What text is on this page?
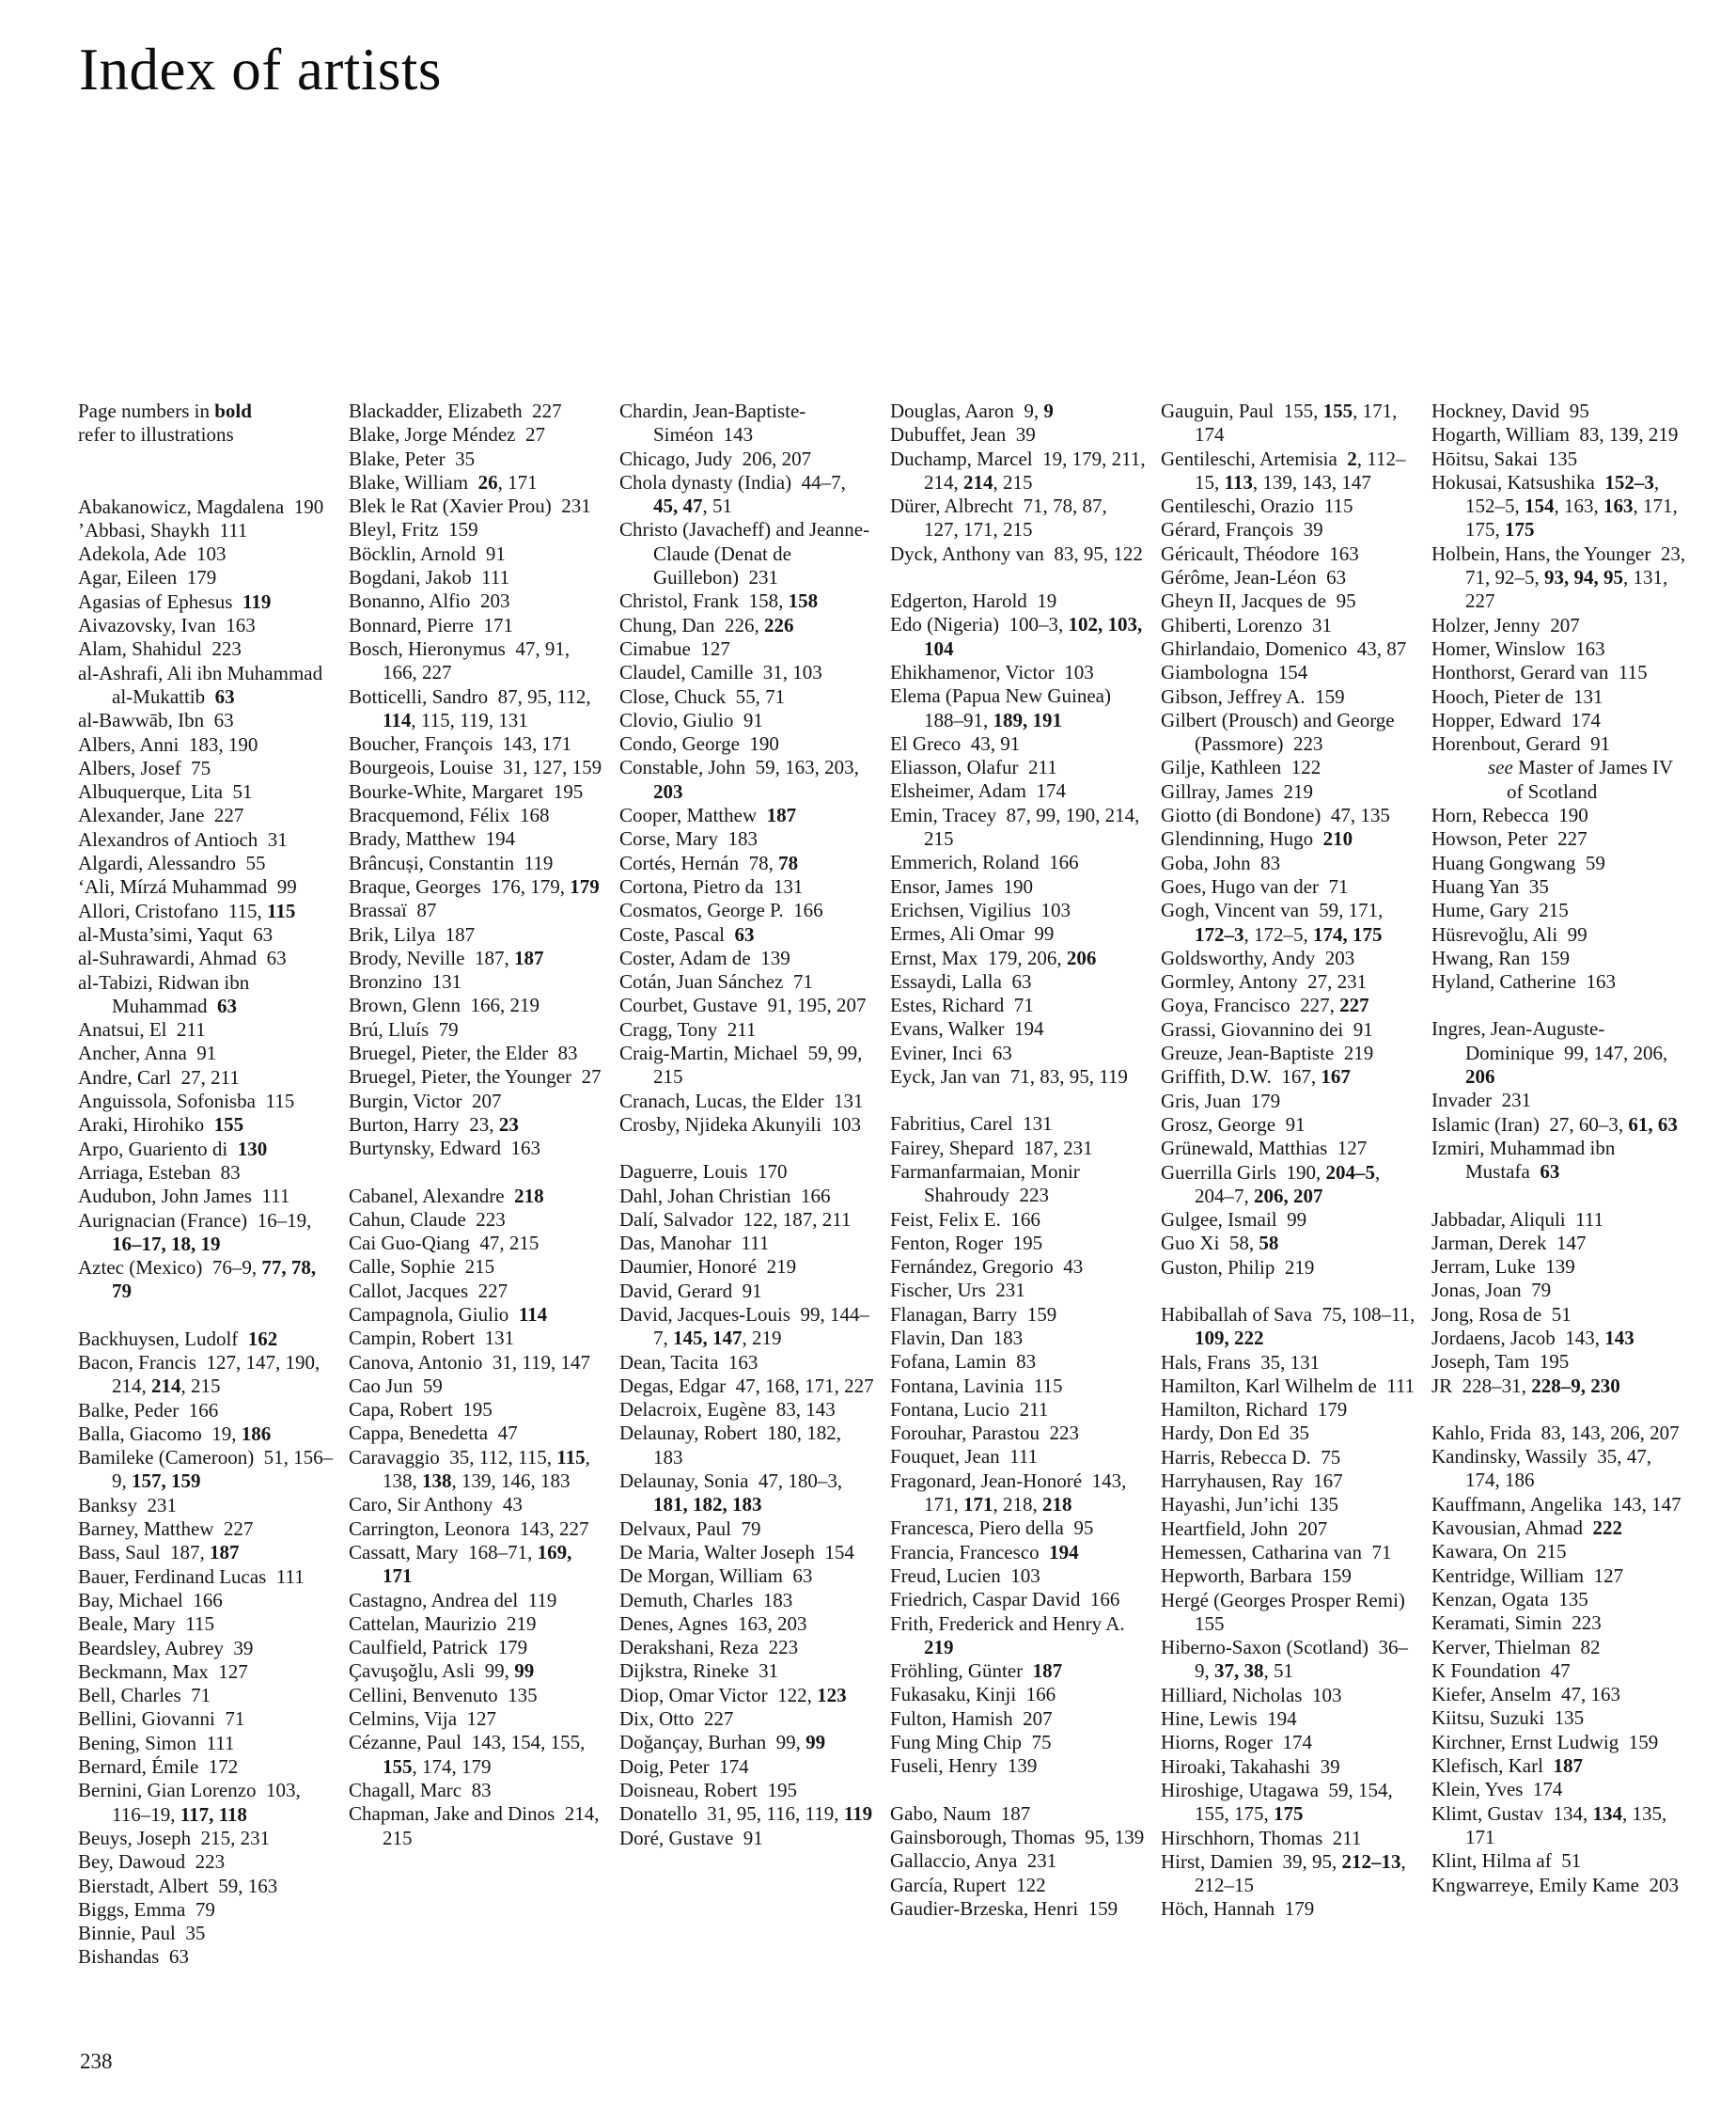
Index of artists
Page numbers in bold
refer to illustrations
Abakanowicz, Magdalena 190
’Abbasi, Shaykh 111
Adekola, Ade 103
Agar, Eileen 179
Agasias of Ephesus 119
Aivazovsky, Ivan 163
Alam, Shahidul 223
al-Ashrafi, Ali ibn Muhammad al-Mukattib 63
al-Bawwāb, Ibn 63
Albers, Anni 183, 190
Albers, Josef 75
Albuquerque, Lita 51
Alexander, Jane 227
Alexandros of Antioch 31
Algardi, Alessandro 55
‘Ali, Mírzá Muhammad 99
Allori, Cristofano 115, 115
al-Musta’simi, Yaqut 63
al-Suhrawardi, Ahmad 63
al-Tabizi, Ridwan ibn Muhammad 63
Anatsui, El 211
Ancher, Anna 91
Andre, Carl 27, 211
Anguissola, Sofonisba 115
Araki, Hirohiko 155
Arpo, Guariento di 130
Arriaga, Esteban 83
Audubon, John James 111
Aurignacian (France) 16–19, 16–17, 18, 19
Aztec (Mexico) 76–9, 77, 78, 79
Backhuysen, Ludolf 162
Bacon, Francis 127, 147, 190, 214, 214, 215
Balke, Peder 166
Balla, Giacomo 19, 186
Bamileke (Cameroon) 51, 156–9, 157, 159
Banksy 231
Barney, Matthew 227
Bass, Saul 187, 187
Bauer, Ferdinand Lucas 111
Bay, Michael 166
Beale, Mary 115
Beardsley, Aubrey 39
Beckmann, Max 127
Bell, Charles 71
Bellini, Giovanni 71
Bening, Simon 111
Bernard, Émile 172
Bernini, Gian Lorenzo 103, 116–19, 117, 118
Beuys, Joseph 215, 231
Bey, Dawoud 223
Bierstadt, Albert 59, 163
Biggs, Emma 79
Binnie, Paul 35
Bishandas 63
Blackadder, Elizabeth 227
Blake, Jorge Méndez 27
Blake, Peter 35
Blake, William 26, 171
Blek le Rat (Xavier Prou) 231
Bleyl, Fritz 159
Böcklin, Arnold 91
Bogdani, Jakob 111
Bonanno, Alfio 203
Bonnard, Pierre 171
Bosch, Hieronymus 47, 91, 166, 227
Botticelli, Sandro 87, 95, 112, 114, 115, 119, 131
Boucher, François 143, 171
Bourgeois, Louise 31, 127, 159
Bourke-White, Margaret 195
Bracquemond, Félix 168
Brady, Matthew 194
Brâncuși, Constantin 119
Braque, Georges 176, 179, 179
Brassaï 87
Brik, Lilya 187
Brody, Neville 187, 187
Bronzino 131
Brown, Glenn 166, 219
Brú, Lluís 79
Bruegel, Pieter, the Elder 83
Bruegel, Pieter, the Younger 27
Burgin, Victor 207
Burton, Harry 23, 23
Burtynsky, Edward 163
Cabanel, Alexandre 218
Cahun, Claude 223
Cai Guo-Qiang 47, 215
Calle, Sophie 215
Callot, Jacques 227
Campagnola, Giulio 114
Campin, Robert 131
Canova, Antonio 31, 119, 147
Cao Jun 59
Capa, Robert 195
Cappa, Benedetta 47
Caravaggio 35, 112, 115, 115, 138, 138, 139, 146, 183
Caro, Sir Anthony 43
Carrington, Leonora 143, 227
Cassatt, Mary 168–71, 169, 171
Castagno, Andrea del 119
Cattelan, Maurizio 219
Caulfield, Patrick 179
Çavuşoğlu, Asli 99, 99
Cellini, Benvenuto 135
Celmins, Vija 127
Cézanne, Paul 143, 154, 155, 155, 174, 179
Chagall, Marc 83
Chapman, Jake and Dinos 214, 215
Chardin, Jean-Baptiste-Siméon 143
Chicago, Judy 206, 207
Chola dynasty (India) 44–7, 45, 47, 51
Christo (Javacheff) and Jeanne-Claude (Denat de Guillebon) 231
Christol, Frank 158, 158
Chung, Dan 226, 226
Cimabue 127
Claudel, Camille 31, 103
Close, Chuck 55, 71
Clovio, Giulio 91
Condo, George 190
Constable, John 59, 163, 203, 203
Cooper, Matthew 187
Corse, Mary 183
Cortés, Hernán 78, 78
Cortona, Pietro da 131
Cosmatos, George P. 166
Coste, Pascal 63
Coster, Adam de 139
Cotán, Juan Sánchez 71
Courbet, Gustave 91, 195, 207
Cragg, Tony 211
Craig-Martin, Michael 59, 99, 215
Cranach, Lucas, the Elder 131
Crosby, Njideka Akunyili 103
Daguerre, Louis 170
Dahl, Johan Christian 166
Dalí, Salvador 122, 187, 211
Das, Manohar 111
Daumier, Honoré 219
David, Gerard 91
David, Jacques-Louis 99, 144–7, 145, 147, 219
Dean, Tacita 163
Degas, Edgar 47, 168, 171, 227
Delacroix, Eugène 83, 143
Delaunay, Robert 180, 182, 183
Delaunay, Sonia 47, 180–3, 181, 182, 183
Delvaux, Paul 79
De Maria, Walter Joseph 154
De Morgan, William 63
Demuth, Charles 183
Denes, Agnes 163, 203
Derakshani, Reza 223
Dijkstra, Rineke 31
Diop, Omar Victor 122, 123
Dix, Otto 227
Doğançay, Burhan 99, 99
Doig, Peter 174
Doisneau, Robert 195
Donatello 31, 95, 116, 119, 119
Doré, Gustave 91
Douglas, Aaron 9, 9
Dubuffet, Jean 39
Duchamp, Marcel 19, 179, 211, 214, 214, 215
Dürer, Albrecht 71, 78, 87, 127, 171, 215
Dyck, Anthony van 83, 95, 122
Edgerton, Harold 19
Edo (Nigeria) 100–3, 102, 103, 104
Ehikhamenor, Victor 103
Elema (Papua New Guinea) 188–91, 189, 191
El Greco 43, 91
Eliasson, Olafur 211
Elsheimer, Adam 174
Emin, Tracey 87, 99, 190, 214, 215
Emmerich, Roland 166
Ensor, James 190
Erichsen, Vigilius 103
Ermes, Ali Omar 99
Ernst, Max 179, 206, 206
Essaydi, Lalla 63
Estes, Richard 71
Evans, Walker 194
Eviner, Inci 63
Eyck, Jan van 71, 83, 95, 119
Fabritius, Carel 131
Fairey, Shepard 187, 231
Farmanfarmaian, Monir Shahroudy 223
Feist, Felix E. 166
Fenton, Roger 195
Fernández, Gregorio 43
Fischer, Urs 231
Flanagan, Barry 159
Flavin, Dan 183
Fofana, Lamin 83
Fontana, Lavinia 115
Fontana, Lucio 211
Forouhar, Parastou 223
Fouquet, Jean 111
Fragonard, Jean-Honoré 143, 171, 171, 218, 218
Francesca, Piero della 95
Francia, Francesco 194
Freud, Lucien 103
Friedrich, Caspar David 166
Frith, Frederick and Henry A. 219
Fröhling, Günter 187
Fukasaku, Kinji 166
Fulton, Hamish 207
Fung Ming Chip 75
Fuseli, Henry 139
Gabo, Naum 187
Gainsborough, Thomas 95, 139
Gallaccio, Anya 231
García, Rupert 122
Gaudier-Brzeska, Henri 159
Gauguin, Paul 155, 155, 171, 174
Gentileschi, Artemisia 2, 112–15, 113, 139, 143, 147
Gentileschi, Orazio 115
Gérard, François 39
Géricault, Théodore 163
Gérôme, Jean-Léon 63
Gheyn II, Jacques de 95
Ghiberti, Lorenzo 31
Ghirlandaio, Domenico 43, 87
Giambologna 154
Gibson, Jeffrey A. 159
Gilbert (Prousch) and George (Passmore) 223
Gilje, Kathleen 122
Gillray, James 219
Giotto (di Bondone) 47, 135
Glendinning, Hugo 210
Goba, John 83
Goes, Hugo van der 71
Gogh, Vincent van 59, 171, 172–3, 172–5, 174, 175
Goldsworthy, Andy 203
Gormley, Antony 27, 231
Goya, Francisco 227, 227
Grassi, Giovannino dei 91
Greuze, Jean-Baptiste 219
Griffith, D.W. 167, 167
Gris, Juan 179
Grosz, George 91
Grünewald, Matthias 127
Guerrilla Girls 190, 204–5, 204–7, 206, 207
Gulgee, Ismail 99
Guo Xi 58, 58
Guston, Philip 219
Habiballah of Sava 75, 108–11, 109, 222
Hals, Frans 35, 131
Hamilton, Karl Wilhelm de 111
Hamilton, Richard 179
Hardy, Don Ed 35
Harris, Rebecca D. 75
Harryhausen, Ray 167
Hayashi, Jun’ichi 135
Heartfield, John 207
Hemessen, Catharina van 71
Hepworth, Barbara 159
Hergé (Georges Prosper Remi) 155
Hiberno-Saxon (Scotland) 36–9, 37, 38, 51
Hilliard, Nicholas 103
Hine, Lewis 194
Hiorns, Roger 174
Hiroaki, Takahashi 39
Hiroshige, Utagawa 59, 154, 155, 175, 175
Hirschhorn, Thomas 211
Hirst, Damien 39, 95, 212–13, 212–15
Höch, Hannah 179
Hockney, David 95
Hogarth, William 83, 139, 219
Hōitsu, Sakai 135
Hokusai, Katsushika 152–3, 152–5, 154, 163, 163, 171, 175, 175
Holbein, Hans, the Younger 23, 71, 92–5, 93, 94, 95, 131, 227
Holzer, Jenny 207
Homer, Winslow 163
Honthorst, Gerard van 115
Hooch, Pieter de 131
Hopper, Edward 174
Horenbout, Gerard 91
see Master of James IV of Scotland
Horn, Rebecca 190
Howson, Peter 227
Huang Gongwang 59
Huang Yan 35
Hume, Gary 215
Hüsrevoğlu, Ali 99
Hwang, Ran 159
Hyland, Catherine 163
Ingres, Jean-Auguste-Dominique 99, 147, 206, 206
Invader 231
Islamic (Iran) 27, 60–3, 61, 63
Izmiri, Muhammad ibn Mustafa 63
Jabbadar, Aliquli 111
Jarman, Derek 147
Jerram, Luke 139
Jonas, Joan 79
Jong, Rosa de 51
Jordaens, Jacob 143, 143
Joseph, Tam 195
JR 228–31, 228–9, 230
Kahlo, Frida 83, 143, 206, 207
Kandinsky, Wassily 35, 47, 174, 186
Kauffmann, Angelika 143, 147
Kavousian, Ahmad 222
Kawara, On 215
Kentridge, William 127
Kenzan, Ogata 135
Keramati, Simin 223
Kerver, Thielman 82
K Foundation 47
Kiefer, Anselm 47, 163
Kiitsu, Suzuki 135
Kirchner, Ernst Ludwig 159
Klefisch, Karl 187
Klein, Yves 174
Klimt, Gustav 134, 134, 135, 171
Klint, Hilma af 51
Kngwarreye, Emily Kame 203
238
